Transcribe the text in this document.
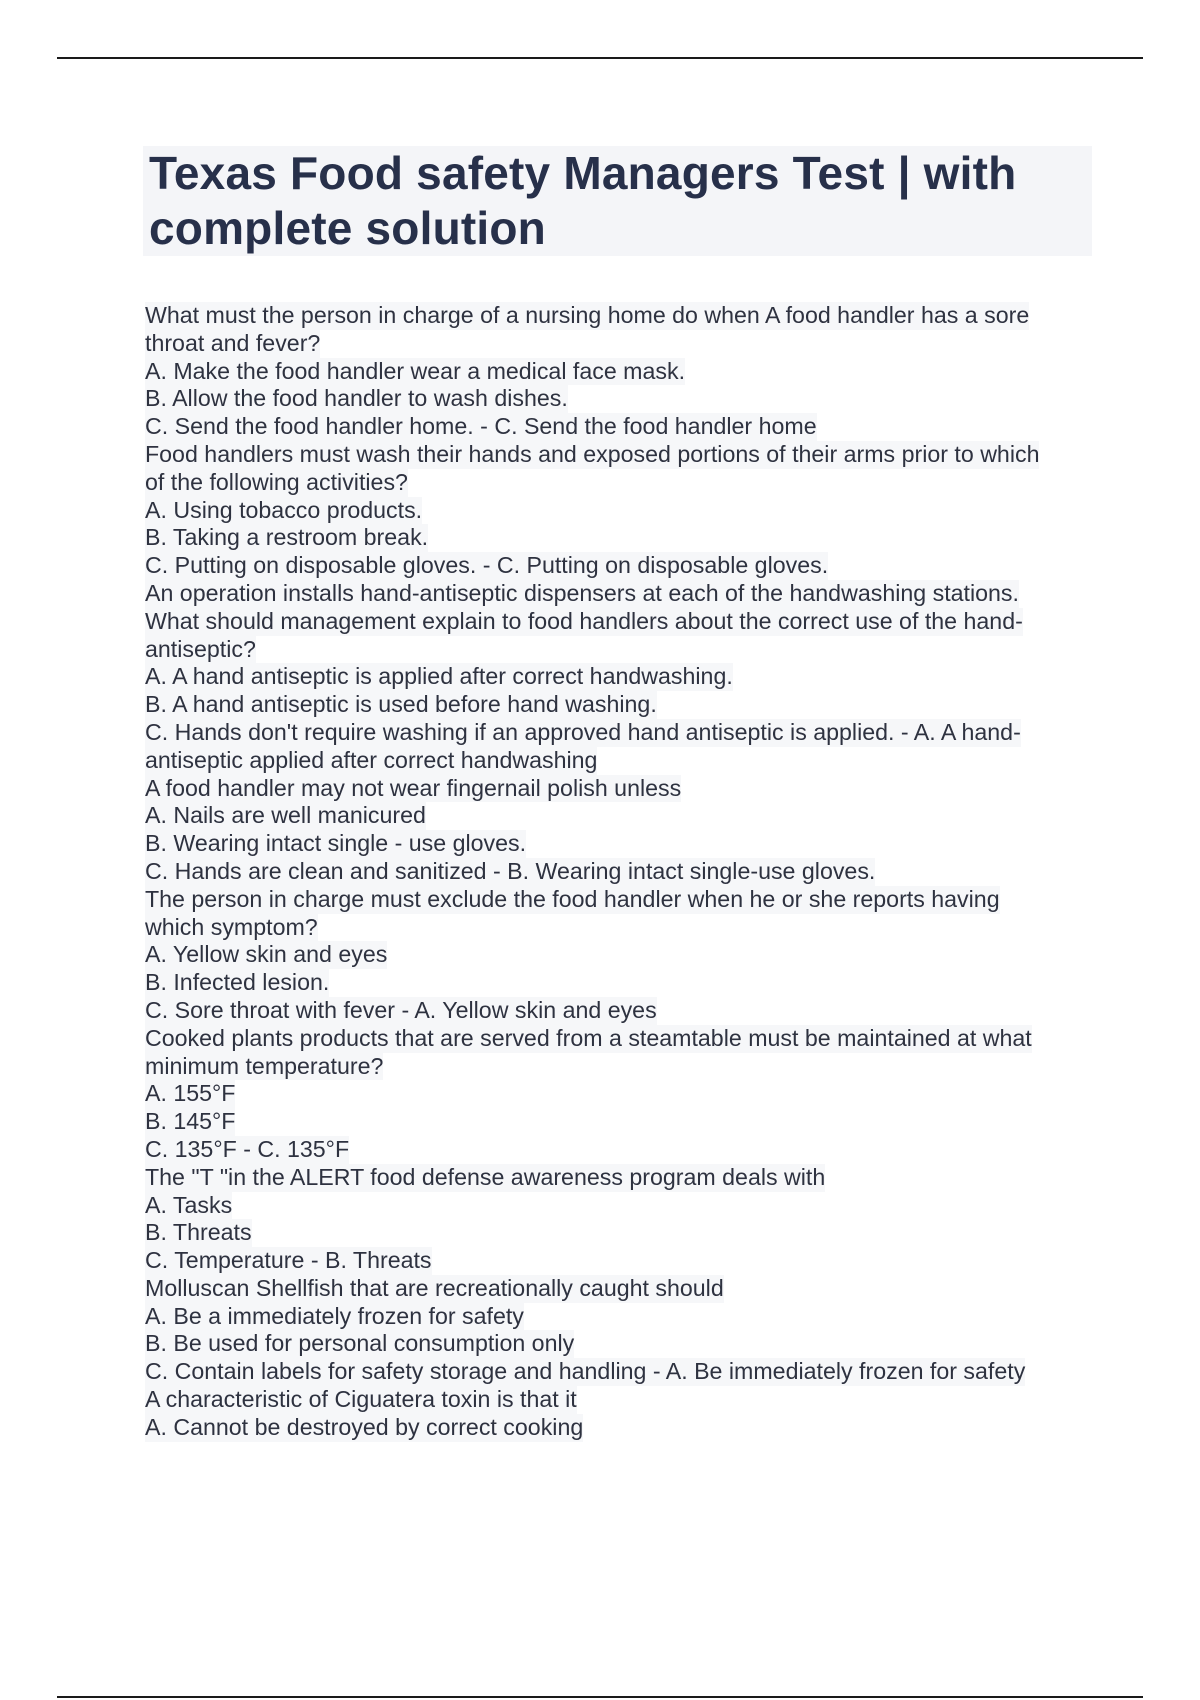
Texas Food safety Managers Test | with complete solution
What must the person in charge of a nursing home do when A food handler has a sore
throat and fever?
A. Make the food handler wear a medical face mask.
B. Allow the food handler to wash dishes.
C. Send the food handler home. - C. Send the food handler home
Food handlers must wash their hands and exposed portions of their arms prior to which
of the following activities?
A. Using tobacco products.
B. Taking a restroom break.
C. Putting on disposable gloves. - C. Putting on disposable gloves.
An operation installs hand-antiseptic dispensers at each of the handwashing stations.
What should management explain to food handlers about the correct use of the hand-
antiseptic?
A. A hand antiseptic is applied after correct handwashing.
B. A hand antiseptic is used before hand washing.
C. Hands don't require washing if an approved hand antiseptic is applied. - A. A hand-
antiseptic applied after correct handwashing
A food handler may not wear fingernail polish unless
A. Nails are well manicured
B. Wearing intact single - use gloves.
C. Hands are clean and sanitized - B. Wearing intact single-use gloves.
The person in charge must exclude the food handler when he or she reports having
which symptom?
A. Yellow skin and eyes
B. Infected lesion.
C. Sore throat with fever - A. Yellow skin and eyes
Cooked plants products that are served from a steamtable must be maintained at what
minimum temperature?
A. 155°F
B. 145°F
C. 135°F - C. 135°F
The "T "in the ALERT food defense awareness program deals with
A. Tasks
B. Threats
C. Temperature - B. Threats
Molluscan Shellfish that are recreationally caught should
A. Be a immediately frozen for safety
B. Be used for personal consumption only
C. Contain labels for safety storage and handling - A. Be immediately frozen for safety
A characteristic of Ciguatera toxin is that it
A. Cannot be destroyed by correct cooking
